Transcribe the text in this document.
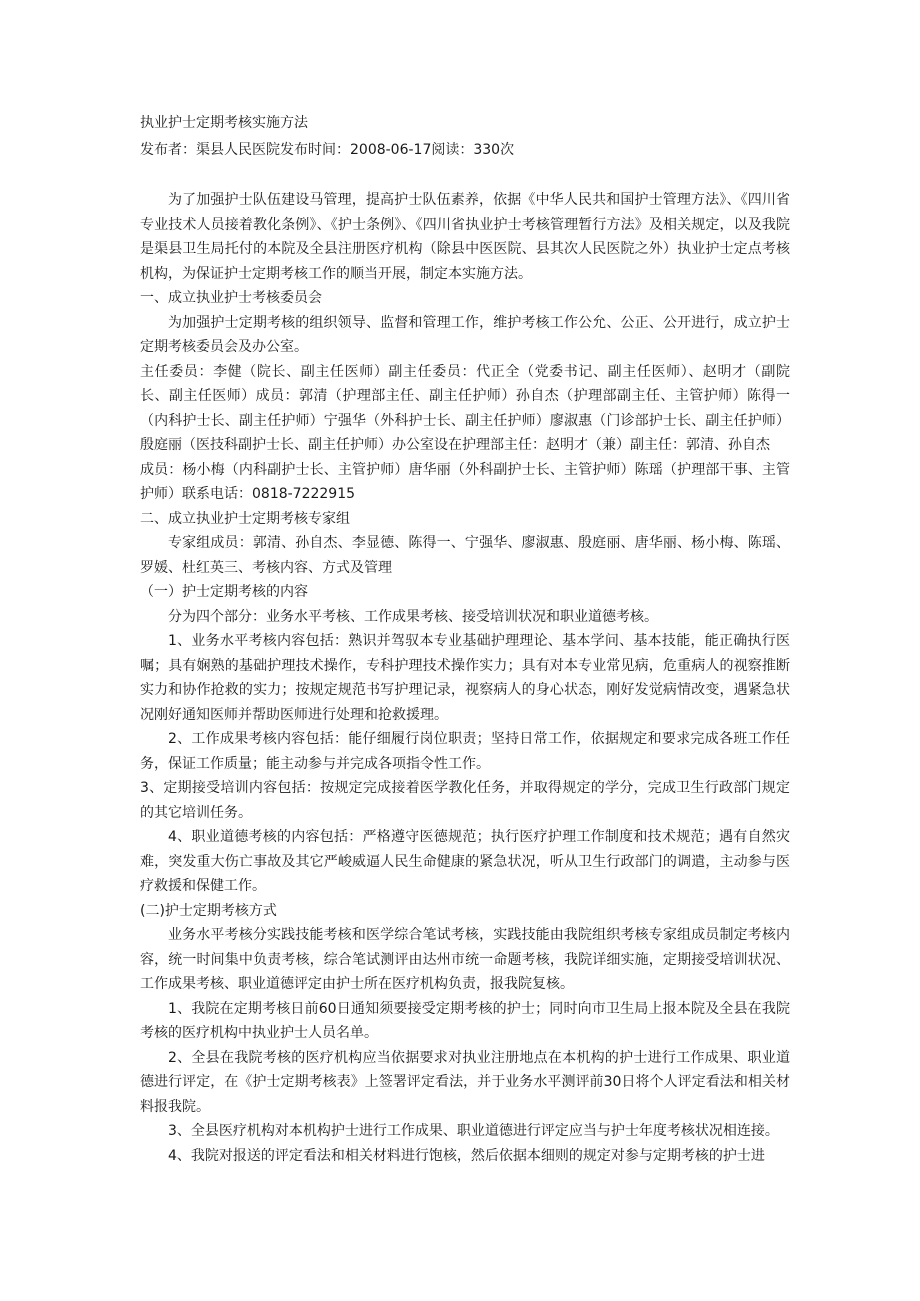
执业护士定期考核实施方法

发布者：渠县人民医院发布时间：2008-06-17阅读：330次

为了加强护士队伍建设马管理，提高护士队伍素养，依据《中华人民共和国护士管理方法》、《四川省专业技术人员接着教化条例》、《护士条例》、《四川省执业护士考核管理暂行方法》及相关规定，以及我院是渠县卫生局托付的本院及全县注册医疗机构（除县中医医院、县其次人民医院之外）执业护士定点考核机构，为保证护士定期考核工作的顺当开展，制定本实施方法。

一、成立执业护士考核委员会

为加强护士定期考核的组织领导、监督和管理工作，维护考核工作公允、公正、公开进行，成立护士定期考核委员会及办公室。

主任委员：李健（院长、副主任医师）副主任委员：代正全（党委书记、副主任医师）、赵明才（副院长、副主任医师）成员：郭清（护理部主任、副主任护师）孙自杰（护理部副主任、主管护师）陈得一（内科护士长、副主任护师）宁强华（外科护士长、副主任护师）廖淑惠（门诊部护士长、副主任护师）殷庭丽（医技科副护士长、副主任护师）办公室设在护理部主任：赵明才（兼）副主任：郭清、孙自杰

成员：杨小梅（内科副护士长、主管护师）唐华丽（外科副护士长、主管护师）陈瑶（护理部干事、主管护师）联系电话：0818-7222915

二、成立执业护士定期考核专家组

专家组成员：郭清、孙自杰、李显德、陈得一、宁强华、廖淑惠、殷庭丽、唐华丽、杨小梅、陈瑶、罗媛、杜红英三、考核内容、方式及管理

（一）护士定期考核的内容

分为四个部分：业务水平考核、工作成果考核、接受培训状况和职业道德考核。

1、业务水平考核内容包括：熟识并驾驭本专业基础护理理论、基本学问、基本技能，能正确执行医嘱；具有娴熟的基础护理技术操作，专科护理技术操作实力；具有对本专业常见病，危重病人的视察推断实力和协作抢救的实力；按规定规范书写护理记录，视察病人的身心状态，刚好发觉病情改变，遇紧急状况刚好通知医师并帮助医师进行处理和抢救援理。

2、工作成果考核内容包括：能仔细履行岗位职责；坚持日常工作，依据规定和要求完成各班工作任务，保证工作质量；能主动参与并完成各项指令性工作。

3、定期接受培训内容包括：按规定完成接着医学教化任务，并取得规定的学分，完成卫生行政部门规定的其它培训任务。

4、职业道德考核的内容包括：严格遵守医德规范；执行医疗护理工作制度和技术规范；遇有自然灾难，突发重大伤亡事故及其它严峻威逼人民生命健康的紧急状况，听从卫生行政部门的调遣，主动参与医疗救援和保健工作。

(二)护士定期考核方式

业务水平考核分实践技能考核和医学综合笔试考核，实践技能由我院组织考核专家组成员制定考核内容，统一时间集中负责考核，综合笔试测评由达州市统一命题考核，我院详细实施，定期接受培训状况、工作成果考核、职业道德评定由护士所在医疗机构负责，报我院复核。

1、我院在定期考核日前60日通知须要接受定期考核的护士；同时向市卫生局上报本院及全县在我院考核的医疗机构中执业护士人员名单。

2、全县在我院考核的医疗机构应当依据要求对执业注册地点在本机构的护士进行工作成果、职业道德进行评定，在《护士定期考核表》上签署评定看法，并于业务水平测评前30日将个人评定看法和相关材料报我院。

3、全县医疗机构对本机构护士进行工作成果、职业道德进行评定应当与护士年度考核状况相连接。

4、我院对报送的评定看法和相关材料进行饱核，然后依据本细则的规定对参与定期考核的护士进
